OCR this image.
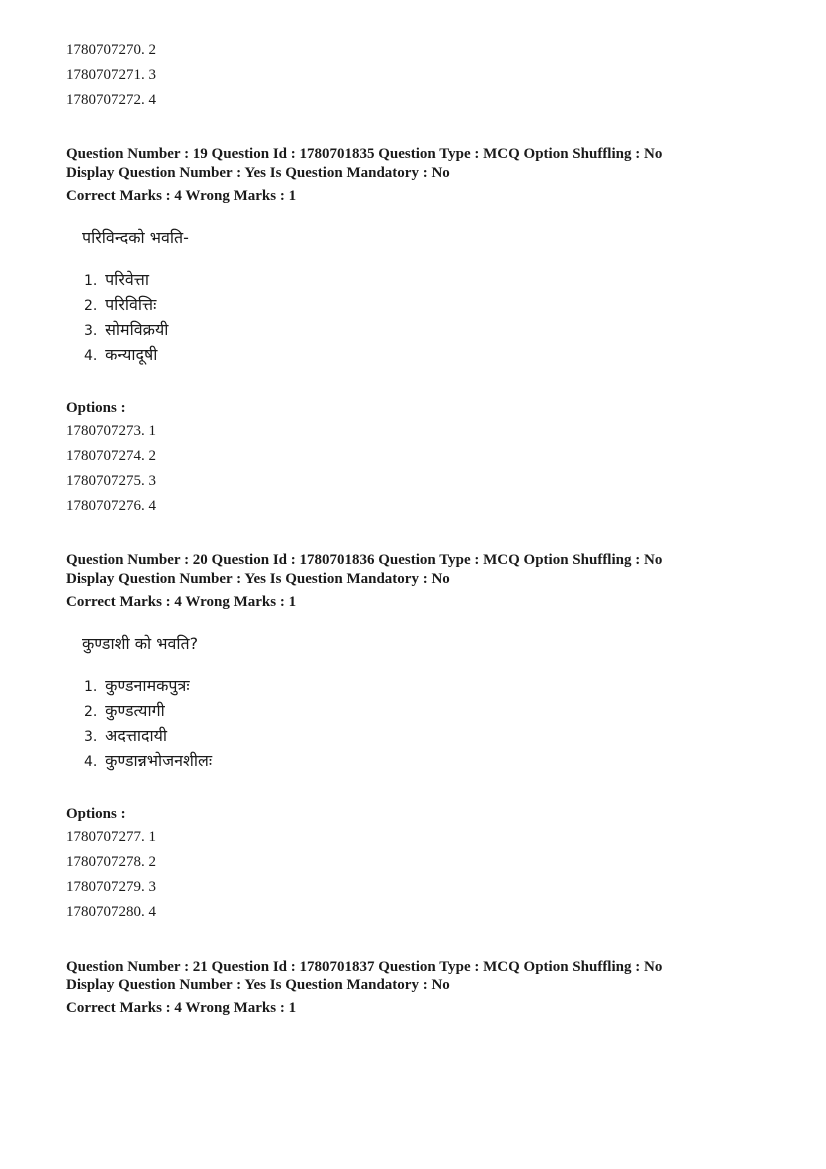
1780707270. 2
1780707271. 3
1780707272. 4
Question Number : 19 Question Id : 1780701835 Question Type : MCQ Option Shuffling : No
Display Question Number : Yes Is Question Mandatory : No
Correct Marks : 4 Wrong Marks : 1
परिविन्दको भवति-
1. परिवेत्ता
2. परिवित्तिः
3. सोमविक्रयी
4. कन्यादूषी
Options :
1780707273. 1
1780707274. 2
1780707275. 3
1780707276. 4
Question Number : 20 Question Id : 1780701836 Question Type : MCQ Option Shuffling : No
Display Question Number : Yes Is Question Mandatory : No
Correct Marks : 4 Wrong Marks : 1
कुण्डाशी को भवति?
1. कुण्डनामकपुत्रः
2. कुण्डत्यागी
3. अदत्तादायी
4. कुण्डान्नभोजनशीलः
Options :
1780707277. 1
1780707278. 2
1780707279. 3
1780707280. 4
Question Number : 21 Question Id : 1780701837 Question Type : MCQ Option Shuffling : No
Display Question Number : Yes Is Question Mandatory : No
Correct Marks : 4 Wrong Marks : 1
